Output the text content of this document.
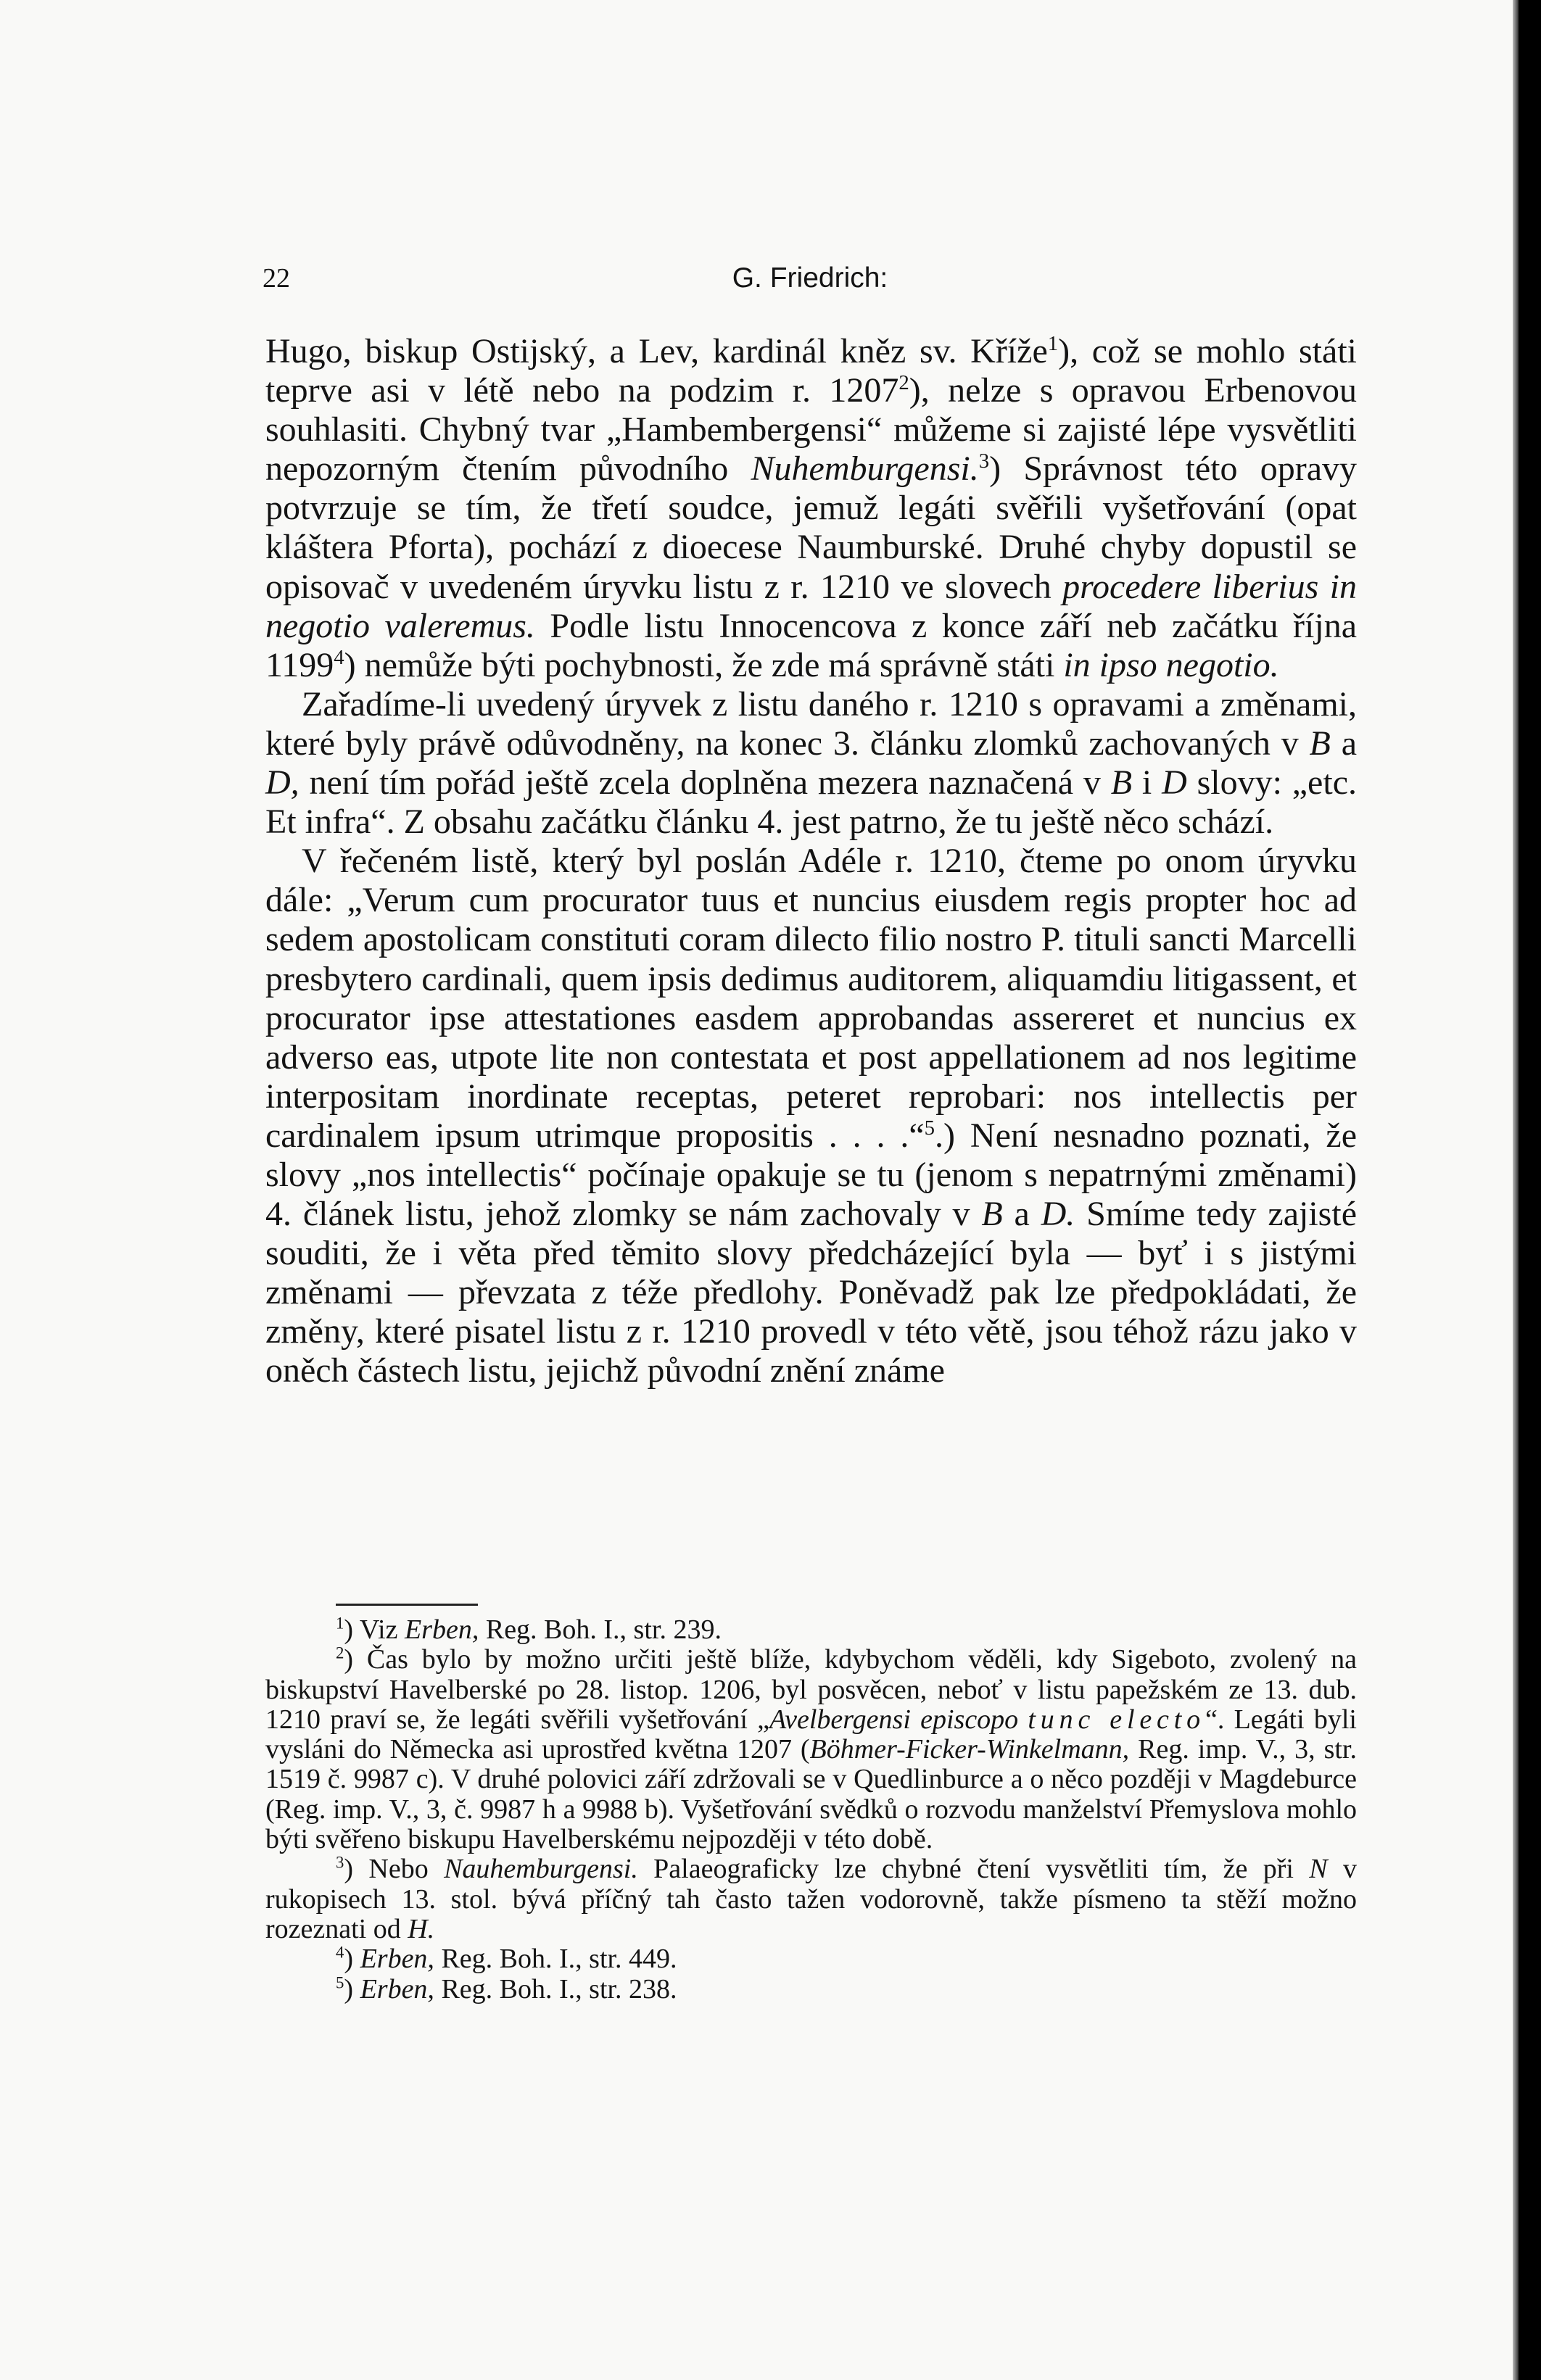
22	G. Friedrich:

Hugo, biskup Ostijský, a Lev, kardinál kněz sv. Kříže$^1$), což se mohlo státi teprve asi v létě nebo na podzim r. 1207$^2$), nelze s opravou Erbenovou souhlasiti. Chybný tvar „Hambembergensi“ můžeme si zajisté lépe vysvětliti nepozorným čtením původního Nuhemburgensi.$^3$) Správnost této opravy potvrzuje se tím, že třetí soudce, jemuž legáti svěřili vyšetřování (opat kláštera Pforta), pochází z dioecese Naumburské. Druhé chyby dopustil se opisovač v uvedeném úryvku listu z r. 1210 ve slovech procedere liberius in negotio valeremus. Podle listu Innocencova z konce září neb začátku října 1199$^4$) nemůže býti pochybnosti, že zde má správně státi in ipso negotio.

Zařadíme-li uvedený úryvek z listu daného r. 1210 s opravami a změnami, které byly právě odůvodněny, na konec 3. článku zlomků zachovaných v B a D, není tím pořád ještě zcela doplněna mezera naznačená v B i D slovy: „etc. Et infra“. Z obsahu začátku článku 4. jest patrno, že tu ještě něco schází.

V řečeném listě, který byl poslán Adéle r. 1210, čteme po onom úryvku dále: „Verum cum procurator tuus et nuncius eiusdem regis propter hoc ad sedem apostolicam constituti coram dilecto filio nostro P. tituli sancti Marcelli presbytero cardinali, quem ipsis dedimus auditorem, aliquamdiu litigassent, et procurator ipse attestationes easdem approbandas assereret et nuncius ex adverso eas, utpote lite non contestata et post appellationem ad nos legitime interpositam inordinate receptas, peteret reprobari: nos intellectis per cardinalem ipsum utrimque propositis . . . .“$^5$.) Není nesnadno poznati, že slovy „nos intellectis“ počínaje opakuje se tu (jenom s nepatrnými změnami) 4. článek listu, jehož zlomky se nám zachovaly v B a D. Smíme tedy zajisté souditi, že i věta před těmito slovy předcházející byla — byť i s jistými změnami — převzata z téže předlohy. Poněvadž pak lze předpokládati, že změny, které pisatel listu z r. 1210 provedl v této větě, jsou téhož rázu jako v oněch částech listu, jejichž původní znění známe

$^1$) Viz Erben, Reg. Boh. I., str. 239.

$^2$) Čas bylo by možno určiti ještě blíže, kdybychom věděli, kdy Sigeboto, zvolený na biskupství Havelberské po 28. listop. 1206, byl posvěcen, neboť v listu papežském ze 13. dub. 1210 praví se, že legáti svěřili vyšetřování „Avelbergensi episcopo tunc electo“. Legáti byli vysláni do Německa asi uprostřed května 1207 (Böhmer-Ficker-Winkelmann, Reg. imp. V., 3, str. 1519 č. 9987 c). V druhé polovici září zdržovali se v Quedlinburce a o něco později v Magdeburce (Reg. imp. V., 3, č. 9987 h a 9988 b). Vyšetřování svědků o rozvodu manželství Přemyslova mohlo býti svěřeno biskupu Havelberskému nejpozději v této době.

$^3$) Nebo Nauhemburgensi. Palaeograficky lze chybné čtení vysvětliti tím, že při N v rukopisech 13. stol. bývá příčný tah často tažen vodorovně, takže písmeno ta stěží možno rozeznati od H.

$^4$) Erben, Reg. Boh. I., str. 449.

$^5$) Erben, Reg. Boh. I., str. 238.
